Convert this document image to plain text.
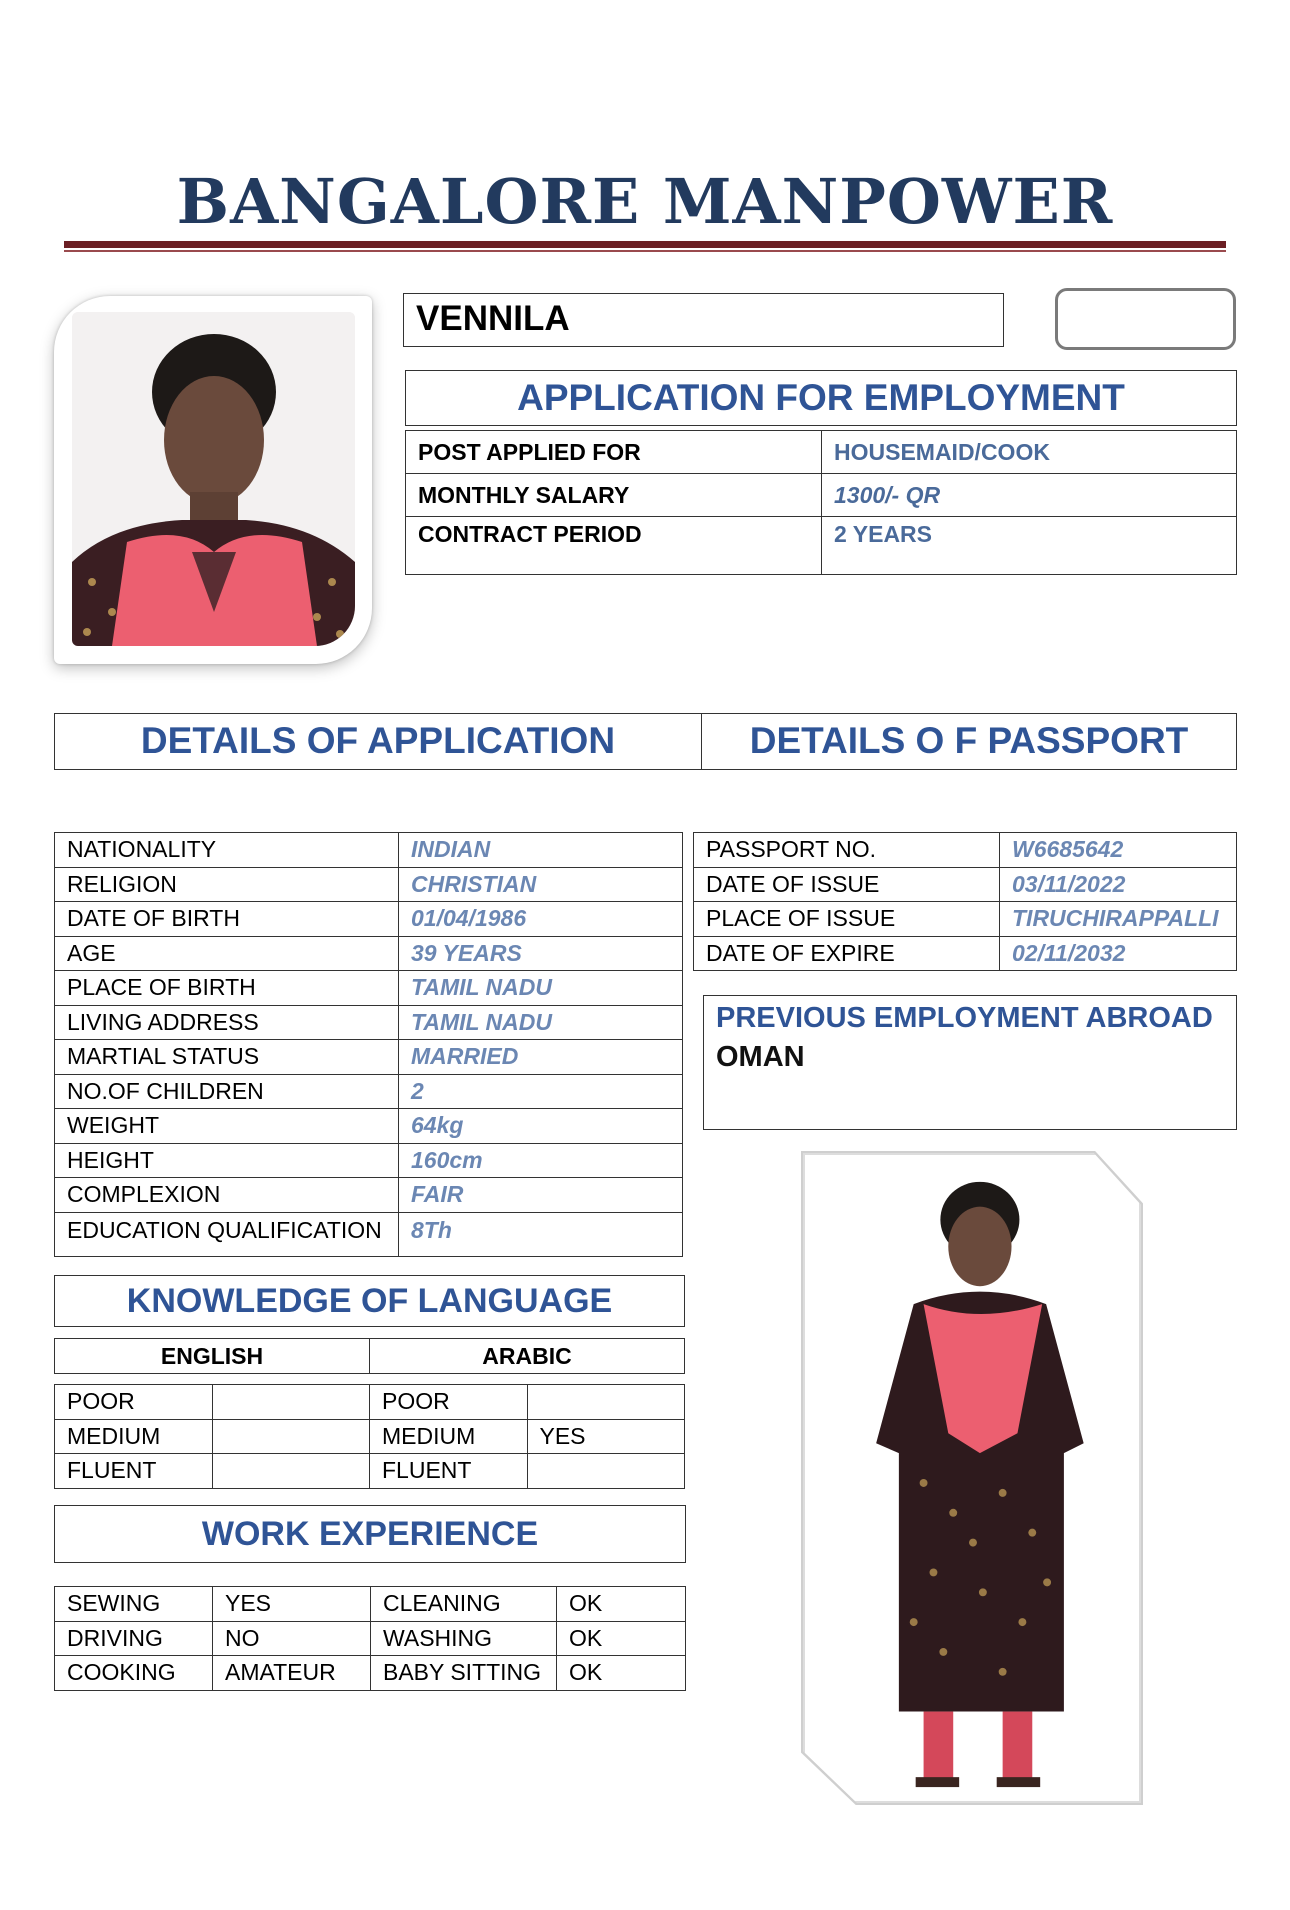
BANGALORE MANPOWER
VENNILA
APPLICATION FOR EMPLOYMENT
POST APPLIED FOR	HOUSEMAID/COOK
MONTHLY SALARY	1300/- QR
CONTRACT PERIOD	2 YEARS
DETAILS OF APPLICATION	DETAILS O F PASSPORT
NATIONALITY	INDIAN
RELIGION	CHRISTIAN
DATE OF BIRTH	01/04/1986
AGE	39 YEARS
PLACE OF BIRTH	TAMIL NADU
LIVING ADDRESS	TAMIL NADU
MARTIAL STATUS	MARRIED
NO.OF CHILDREN	2
WEIGHT	64kg
HEIGHT	160cm
COMPLEXION	FAIR
EDUCATION QUALIFICATION	8Th
PASSPORT NO.	W6685642
DATE OF ISSUE	03/11/2022
PLACE OF ISSUE	TIRUCHIRAPPALLI
DATE OF EXPIRE	02/11/2032
PREVIOUS EMPLOYMENT ABROAD
OMAN
KNOWLEDGE OF LANGUAGE
ENGLISH	ARABIC
POOR		POOR	
MEDIUM		MEDIUM	YES
FLUENT		FLUENT	
WORK EXPERIENCE
SEWING	YES	CLEANING	OK
DRIVING	NO	WASHING	OK
COOKING	AMATEUR	BABY SITTING	OK
